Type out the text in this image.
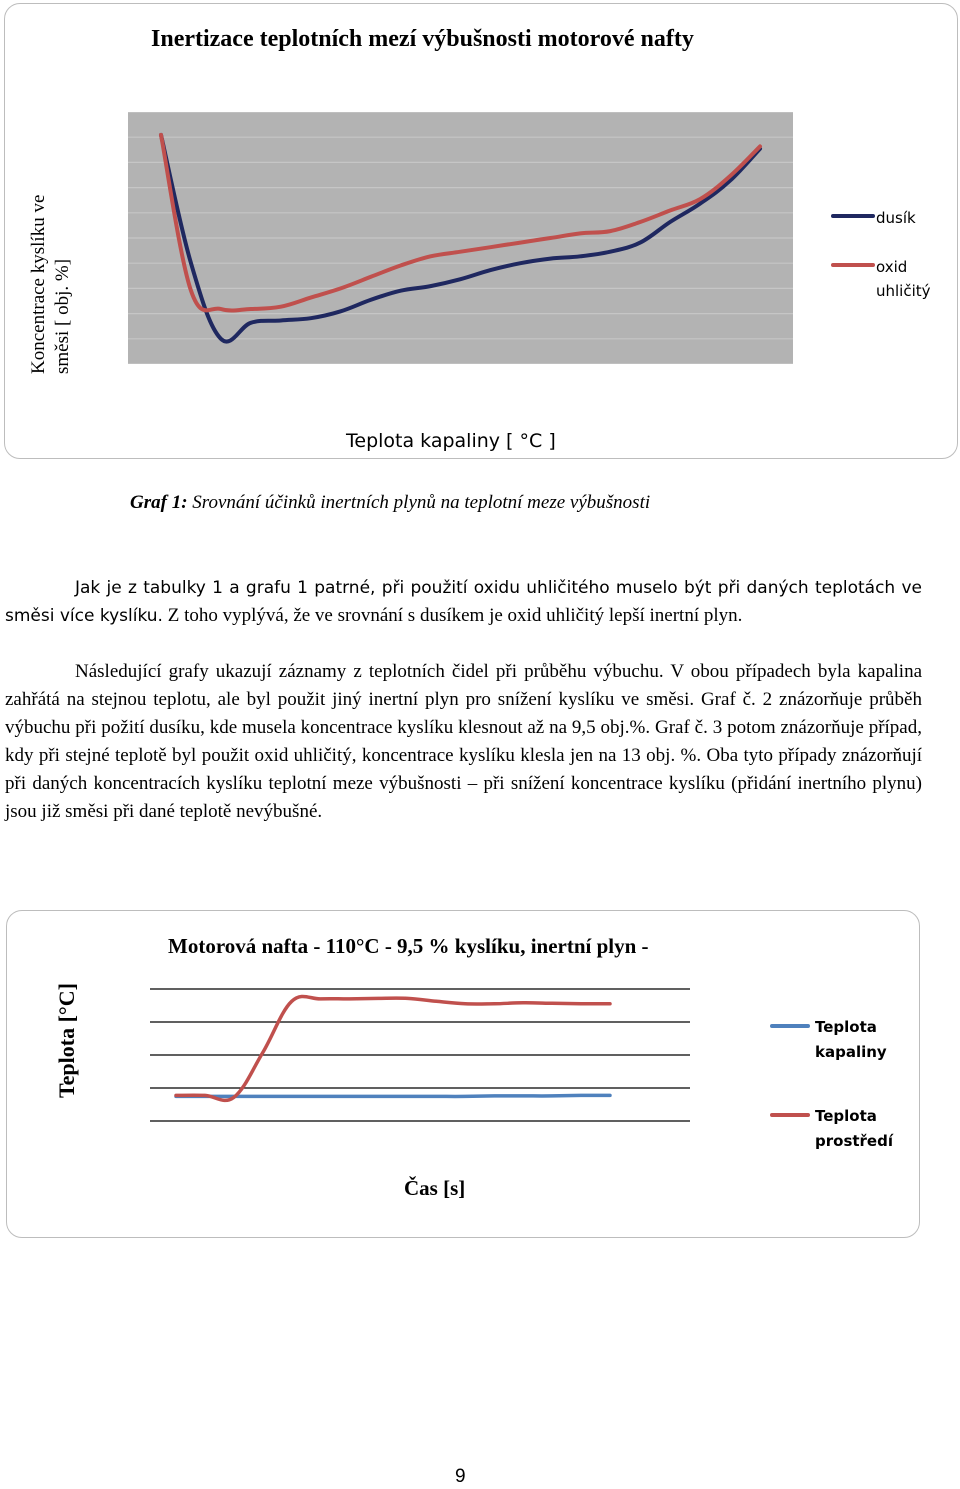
Inertizace teplotních mezí výbušnosti motorové nafty
Koncentrace kyslíku ve směsi [ obj. %]
dusík
oxid
uhličitý
Teplota kapaliny [ °C ]
Graf 1: Srovnání účinků inertních plynů na teplotní meze výbušnosti

Jak je z tabulky 1 a grafu 1 patrné, při použití oxidu uhličitého muselo být při daných teplotách ve směsi více kyslíku. Z toho vyplývá, že ve srovnání s dusíkem je oxid uhličitý lepší inertní plyn.

Následující grafy ukazují záznamy z teplotních čidel při průběhu výbuchu. V obou případech byla kapalina zahřátá na stejnou teplotu, ale byl použit jiný inertní plyn pro snížení kyslíku ve směsi. Graf č. 2 znázorňuje průběh výbuchu při požití dusíku, kde musela koncentrace kyslíku klesnout až na 9,5 obj.%. Graf č. 3 potom znázorňuje případ, kdy při stejné teplotě byl použit oxid uhličitý, koncentrace kyslíku klesla jen na 13 obj. %. Oba tyto případy znázorňují při daných koncentracích kyslíku teplotní meze výbušnosti – při snížení koncentrace kyslíku (přidání inertního plynu) jsou již směsi při dané teplotě nevýbušné.

Motorová nafta - 110°C - 9,5 % kyslíku, inertní plyn -
Teplota [°C]	Teplota
kapaliny
Teplota
prostředí
Čas [s]
9
